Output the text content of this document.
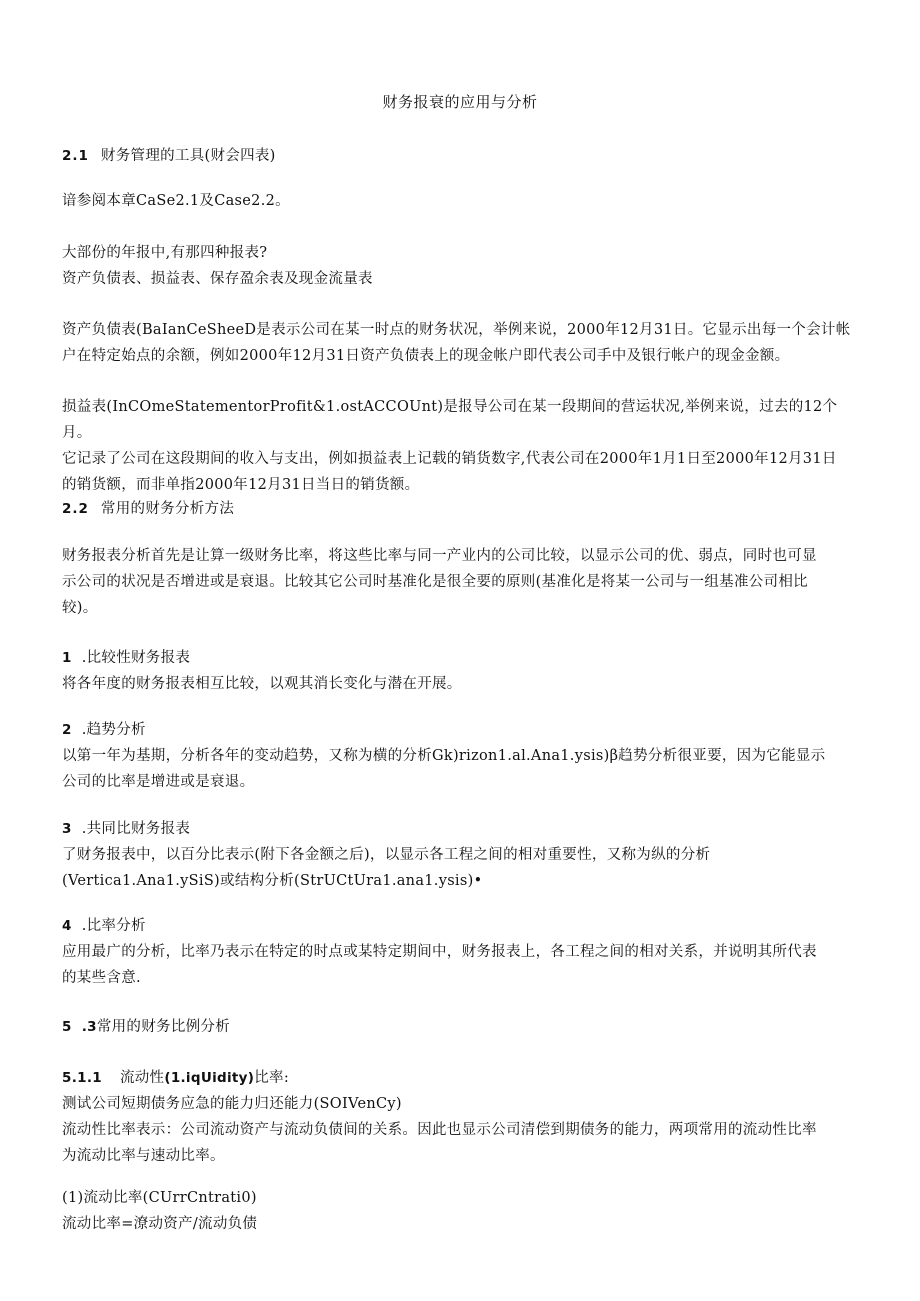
财务报衰的应用与分析
2.1 财务管理的工具(财会四表)

谙参阅本章CaSe2.1及Case2.2。

大部份的年报中,有那四种报表?

资产负债表、损益表、保存盈余表及现金流量表

资产负债表(BaIanCeSheeD是表示公司在某一时点的财务状况，举例来说，2000年12月31日。它显示出每一个会计帐

户在特定始点的余额，例如2000年12月31日资产负债表上的现金帐户即代表公司手中及银行帐户的现金金额。

损益表(InCOmeStatementorProfit&1.ostACCOUnt)是报导公司在某一段期间的营运状况,举例来说，过去的12个月。

它记录了公司在这段期间的收入与支出，例如损益表上记载的销货数字,代表公司在2000年1月1日至2000年12月31日

的销货额，而非单指2000年12月31日当日的销货额。

2.2 常用的财务分析方法

财务报表分析首先是让算一级财务比率，将这些比率与同一产业内的公司比较，以显示公司的优、弱点，同时也可显

示公司的状况是否增进或是衰退。比较其它公司时基准化是很全要的原则(基准化是将某一公司与一组基准公司相比

较)。

1 .比较性财务报表

将各年度的财务报表相互比较，以观其消长变化与潜在开展。

2 .趋势分析

以第一年为基期，分析各年的变动趋势，又称为横的分析Gk)rizon1.al.Ana1.ysis)β趋势分析很亚要，因为它能显示

公司的比率是增进或是衰退。

3 .共同比财务报表

了财务报表中，以百分比表示(附下各金额之后)，以显示各工程之间的相对重要性，又称为纵的分析

(Vertica1.Ana1.ySiS)或结构分析(StrUCtUra1.ana1.ysis)•

4 .比率分析

应用最广的分析，比率乃表示在特定的时点或某特定期间中，财务报表上，各工程之间的相对关系，并说明其所代表

的某些含意.

5 .3常用的财务比例分析

5.1.1 流动性(1.iqUidity)比率:

测试公司短期债务应急的能力归还能力(SOIVenCy)

流动性比率表示：公司流动资产与流动负债间的关系。因此也显示公司清偿到期债务的能力，两项常用的流动性比率

为流动比率与速动比率。

(1)流动比率(CUrrCntrati0)

流动比率=潦动资产/流动负债
